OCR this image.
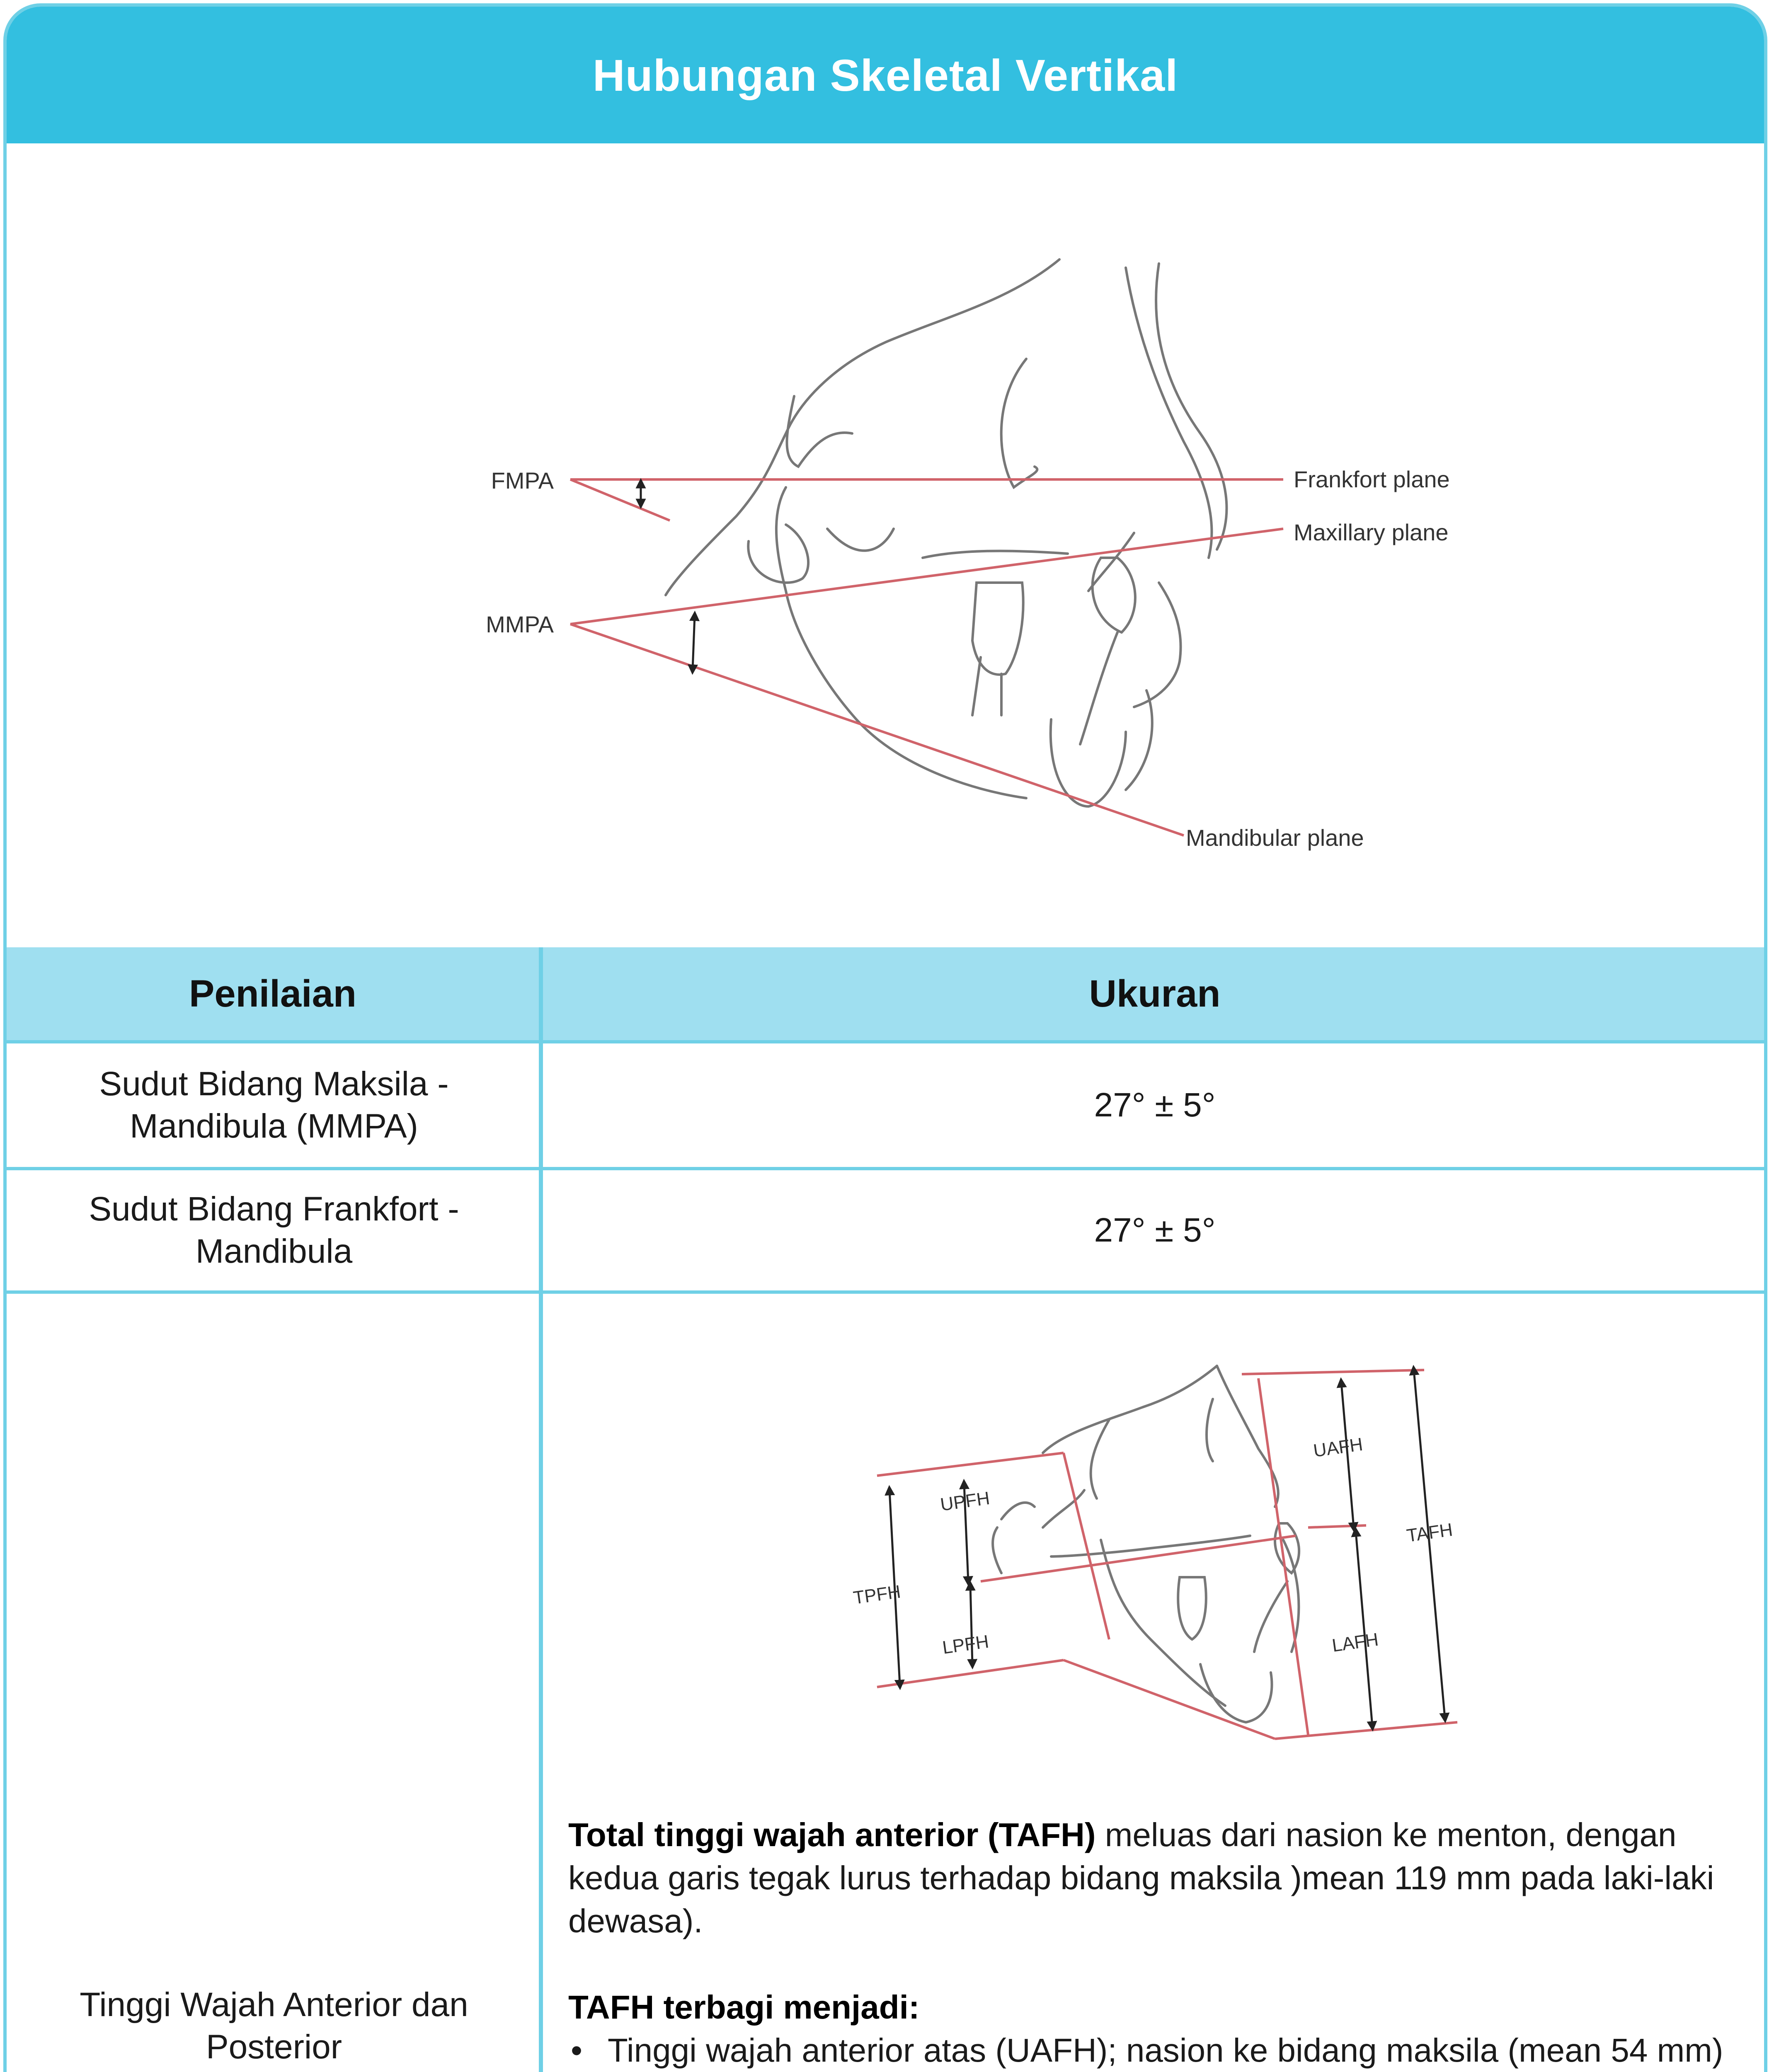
Hubungan Skeletal Vertikal
FMPA
MMPA
Frankfort plane
Maxillary plane
Mandibular plane
Penilaian	Ukuran
Sudut Bidang Maksila - Mandibula (MMPA)
27° ± 5°
Sudut Bidang Frankfort - Mandibula
27° ± 5°
Tinggi Wajah Anterior dan Posterior
UPFH
TPFH
LPFH
UAFH
LAFH
TAFH

Total tinggi wajah anterior (TAFH) meluas dari nasion ke menton, dengan kedua garis tegak lurus terhadap bidang maksila )mean 119 mm pada laki-laki dewasa).

TAFH terbagi menjadi:

• Tinggi wajah anterior atas (UAFH); nasion ke bidang maksila (mean 54 mm)
